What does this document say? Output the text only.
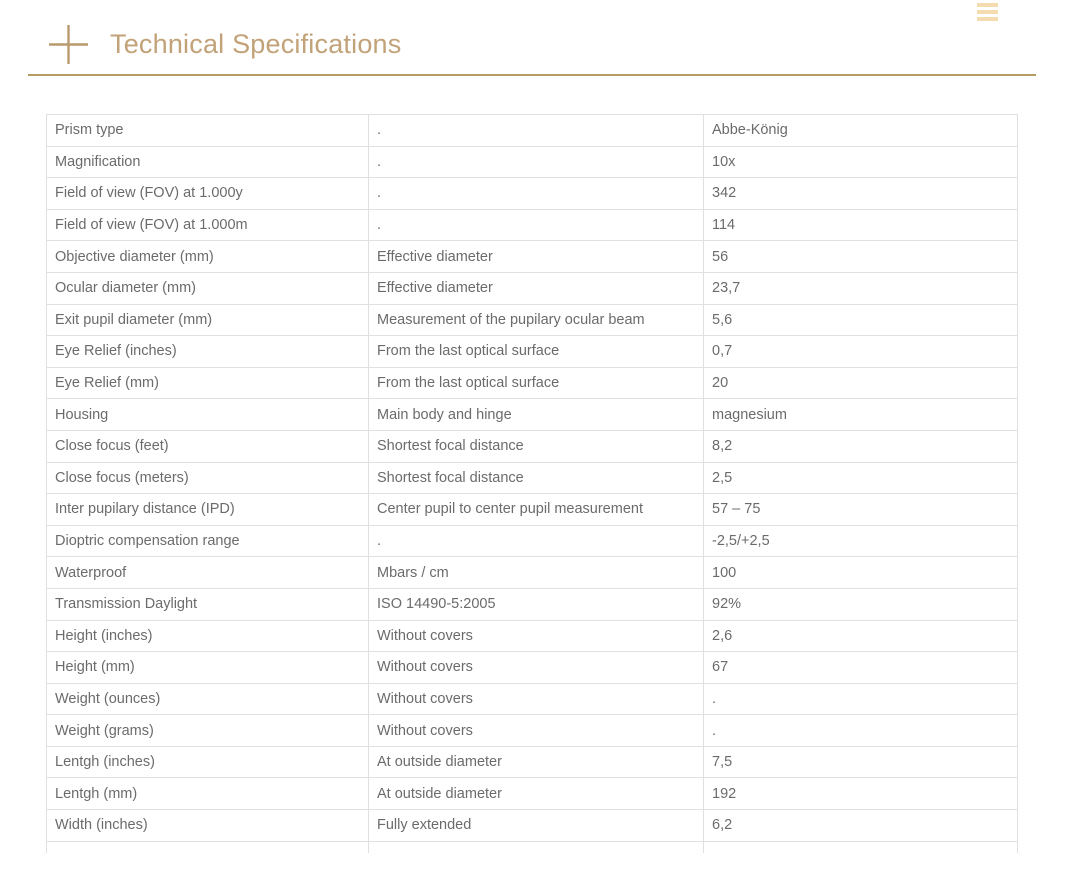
Technical Specifications
Prism type	.	Abbe-König
Magnification	.	10x
Field of view (FOV) at 1.000y	.	342
Field of view (FOV) at 1.000m	.	114
Objective diameter (mm)	Effective diameter	56
Ocular diameter (mm)	Effective diameter	23,7
Exit pupil diameter (mm)	Measurement of the pupilary ocular beam	5,6
Eye Relief (inches)	From the last optical surface	0,7
Eye Relief (mm)	From the last optical surface	20
Housing	Main body and hinge	magnesium
Close focus (feet)	Shortest focal distance	8,2
Close focus (meters)	Shortest focal distance	2,5
Inter pupilary distance (IPD)	Center pupil to center pupil measurement	57 – 75
Dioptric compensation range	.	-2,5/+2,5
Waterproof	Mbars / cm	100
Transmission Daylight	ISO 14490-5:2005	92%
Height (inches)	Without covers	2,6
Height (mm)	Without covers	67
Weight (ounces)	Without covers	.
Weight (grams)	Without covers	.
Lentgh (inches)	At outside diameter	7,5
Lentgh (mm)	At outside diameter	192
Width (inches)	Fully extended	6,2
